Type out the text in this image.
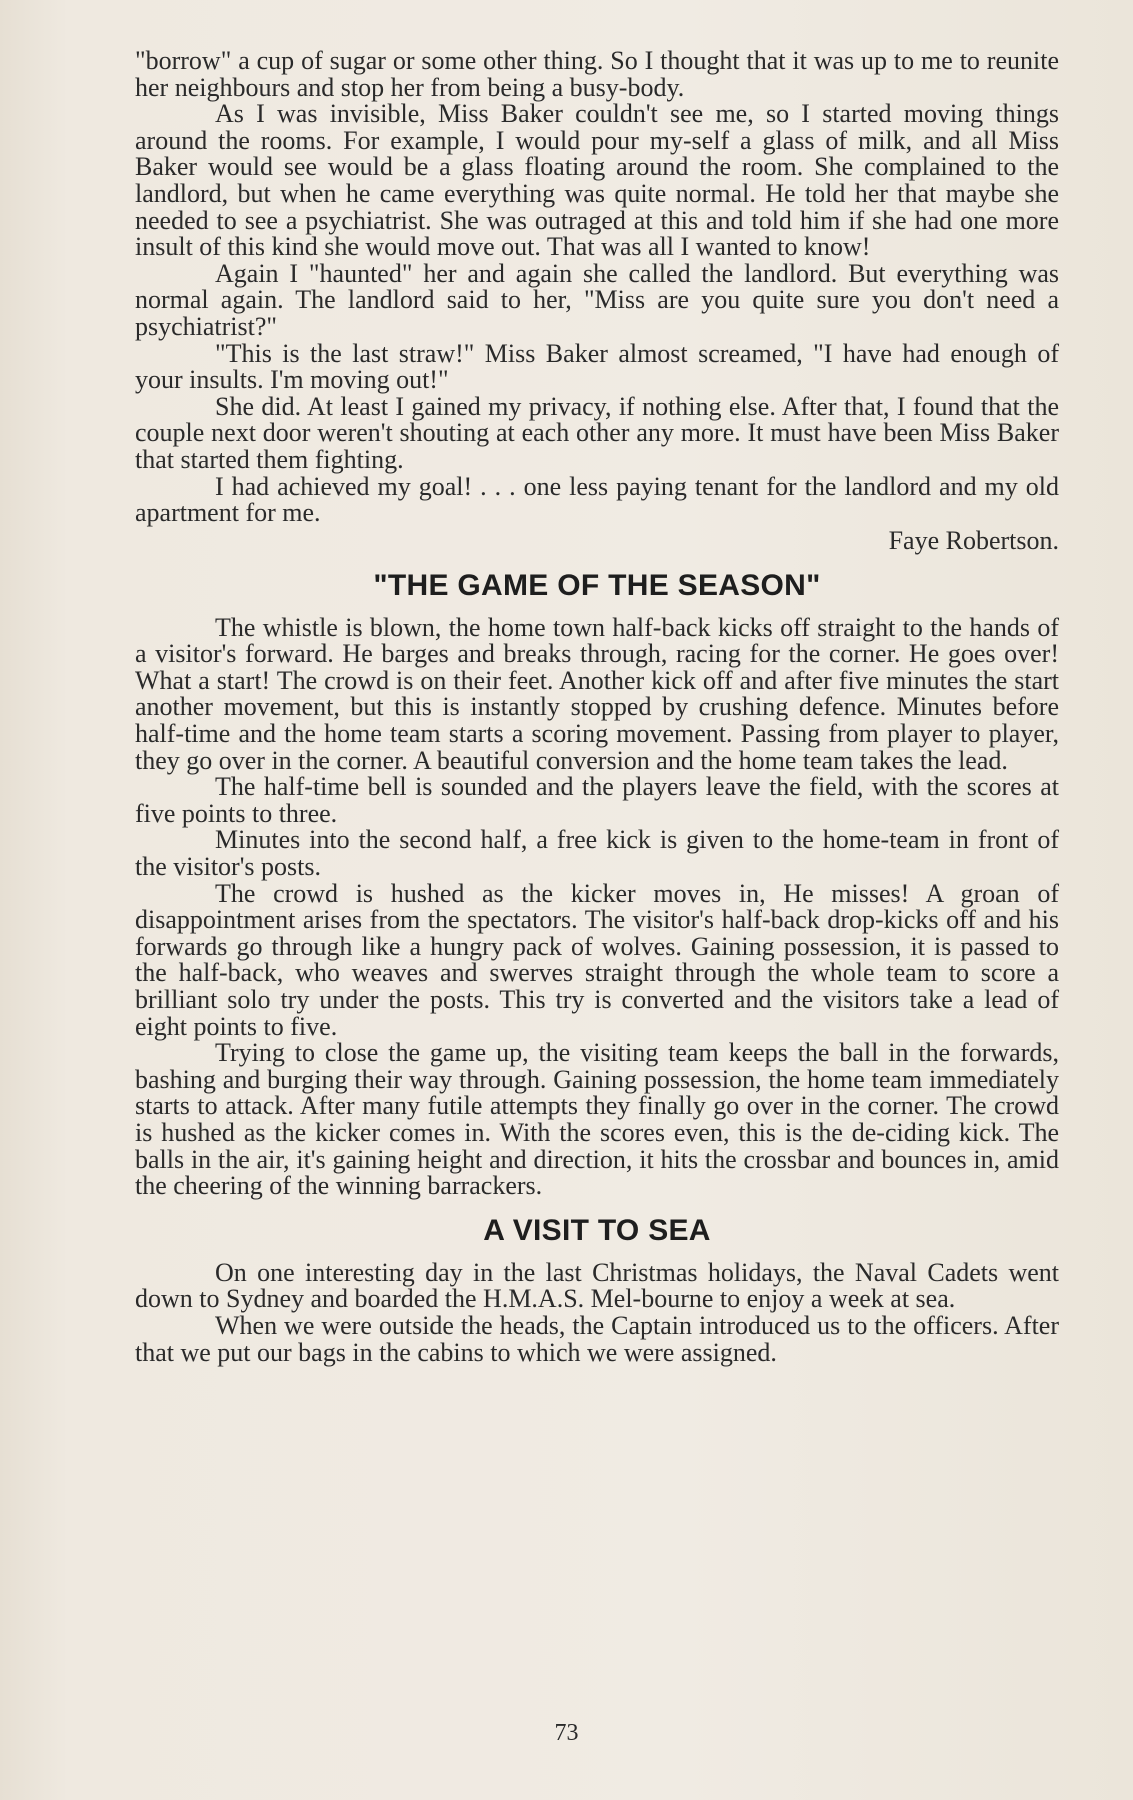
"borrow" a cup of sugar or some other thing. So I thought that it was up to me to reunite her neighbours and stop her from being a busy-body.

As I was invisible, Miss Baker couldn't see me, so I started moving things around the rooms. For example, I would pour my-self a glass of milk, and all Miss Baker would see would be a glass floating around the room. She complained to the landlord, but when he came everything was quite normal. He told her that maybe she needed to see a psychiatrist. She was outraged at this and told him if she had one more insult of this kind she would move out. That was all I wanted to know!

Again I "haunted" her and again she called the landlord. But everything was normal again. The landlord said to her, "Miss are you quite sure you don't need a psychiatrist?"

"This is the last straw!" Miss Baker almost screamed, "I have had enough of your insults. I'm moving out!"

She did. At least I gained my privacy, if nothing else. After that, I found that the couple next door weren't shouting at each other any more. It must have been Miss Baker that started them fighting.

I had achieved my goal! . . . one less paying tenant for the landlord and my old apartment for me.

Faye Robertson.

"THE GAME OF THE SEASON"

The whistle is blown, the home town half-back kicks off straight to the hands of a visitor's forward. He barges and breaks through, racing for the corner. He goes over! What a start! The crowd is on their feet. Another kick off and after five minutes the start another movement, but this is instantly stopped by crushing defence. Minutes before half-time and the home team starts a scoring movement. Passing from player to player, they go over in the corner. A beautiful conversion and the home team takes the lead.

The half-time bell is sounded and the players leave the field, with the scores at five points to three.

Minutes into the second half, a free kick is given to the home-team in front of the visitor's posts.

The crowd is hushed as the kicker moves in, He misses! A groan of disappointment arises from the spectators. The visitor's half-back drop-kicks off and his forwards go through like a hungry pack of wolves. Gaining possession, it is passed to the half-back, who weaves and swerves straight through the whole team to score a brilliant solo try under the posts. This try is converted and the visitors take a lead of eight points to five.

Trying to close the game up, the visiting team keeps the ball in the forwards, bashing and burging their way through. Gaining possession, the home team immediately starts to attack. After many futile attempts they finally go over in the corner. The crowd is hushed as the kicker comes in. With the scores even, this is the de-ciding kick. The balls in the air, it's gaining height and direction, it hits the crossbar and bounces in, amid the cheering of the winning barrackers.

A VISIT TO SEA

On one interesting day in the last Christmas holidays, the Naval Cadets went down to Sydney and boarded the H.M.A.S. Mel-bourne to enjoy a week at sea.

When we were outside the heads, the Captain introduced us to the officers. After that we put our bags in the cabins to which we were assigned.

73
